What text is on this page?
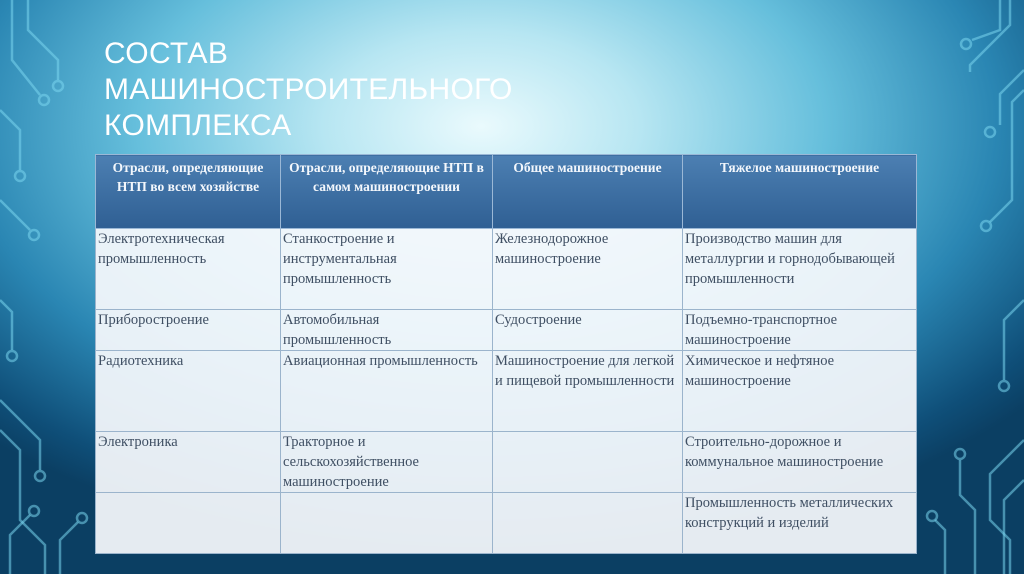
СОСТАВ
МАШИНОСТРОИТЕЛЬНОГО
КОМПЛЕКСА
Отрасли, определяющие НТП во всем хозяйстве	Отрасли, определяющие НТП в самом машиностроении	Общее машиностроение	Тяжелое машиностроение
Электротехническая промышленность	Станкостроение и инструментальная промышленность	Железнодорожное машиностроение	Производство машин для металлургии и горнодобывающей промышленности
Приборостроение	Автомобильная промышленность	Судостроение	Подъемно-транспортное машиностроение
Радиотехника	Авиационная промышленность	Машиностроение для легкой и пищевой промышленности	Химическое и нефтяное машиностроение
Электроника	Тракторное и сельскохозяйственное машиностроение		Строительно-дорожное и коммунальное машиностроение
			Промышленность металлических конструкций и изделий
